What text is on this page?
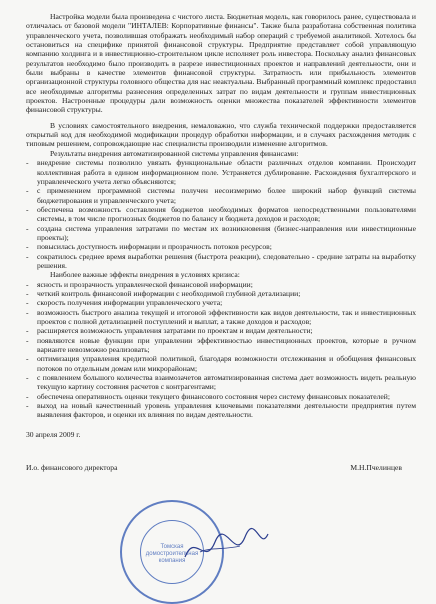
Настройка модели была произведена с чистого листа. Бюджетная модель, как говорилось ранее, существовала и отличалась от базовой модели "ИНТАЛЕВ: Корпоративные финансы". Также была разработана собственная политика управленческого учета, позволившая отображать необходимый набор операций с требуемой аналитикой. Хотелось бы остановиться на специфике принятой финансовой структуры. Предприятие представляет собой управляющую компанию холдинга и в инвестиционно-строительном цикле исполняет роль инвестора. Поскольку анализ финансовых результатов необходимо было производить в разрезе инвестиционных проектов и направлений деятельности, они и были выбраны в качестве элементов финансовой структуры. Затратность или прибыльность элементов организационной структуры головного общества для нас неактуальна. Выбранный программный комплекс предоставил все необходимые алгоритмы разнесения определенных затрат по видам деятельности и группам инвестиционных проектов. Настроенные процедуры дали возможность оценки множества показателей эффективности элементов финансовой структуры.

В условиях самостоятельного внедрения, немаловажно, что служба технической поддержки предоставляется открытый код для необходимой модификации процедур обработки информации, и в случаях расхождения методик с типовым решением, сопровождающие нас специалисты производили изменение алгоритмов.

Результаты внедрения автоматизированной системы управления финансами:

- внедрение системы позволило увязать функциональные области различных отделов компании. Происходит коллективная работа в едином информационном поле. Устраняется дублирование. Расхождения бухгалтерского и управленческого учета легко объясняются;
- с применением программной системы получен несоизмеримо более широкий набор функций системы бюджетирования и управленческого учета;
- обеспечена возможность составления бюджетов необходимых форматов непосредственными пользователями системы, в том числе прогнозных бюджетов по балансу и бюджета доходов и расходов;
- создана система управления затратами по местам их возникновения (бизнес-направления или инвестиционные проекты);
- повысилась доступность информации и прозрачность потоков ресурсов;
- сократилось среднее время выработки решения (быстрота реакции), следовательно - средние затраты на выработку решения.

Наиболее важные эффекты внедрения в условиях кризиса:

- ясность и прозрачность управленческой финансовой информации;
- четкий контроль финансовой информации с необходимой глубиной детализации;
- скорость получения информации управленческого учета;
- возможность быстрого анализа текущей и итоговой эффективности как видов деятельности, так и инвестиционных проектов с полной детализацией поступлений и выплат, а также доходов и расходов;
- расширяется возможность управления затратами по проектам и видам деятельности;
- появляются новые функции при управлении эффективностью инвестиционных проектов, которые в ручном варианте невозможно реализовать;
- оптимизация управления кредитной политикой, благодаря возможности отслеживания и обобщения финансовых потоков по отдельным домам или микрорайонам;
- с появлением большого количества взаимозачетов автоматизированная система дает возможность видеть реальную текущую картину состояния расчетов с контрагентами;
- обеспечена оперативность оценки текущего финансового состояния через систему финансовых показателей;
- выход на новый качественный уровень управления ключевыми показателями деятельности предприятия путем выявления факторов, и оценки их влияния по видам деятельности.
30 апреля 2009 г.
И.о. финансового директора	М.Н.Пчелинцев
Томская
домостроительная
компания
